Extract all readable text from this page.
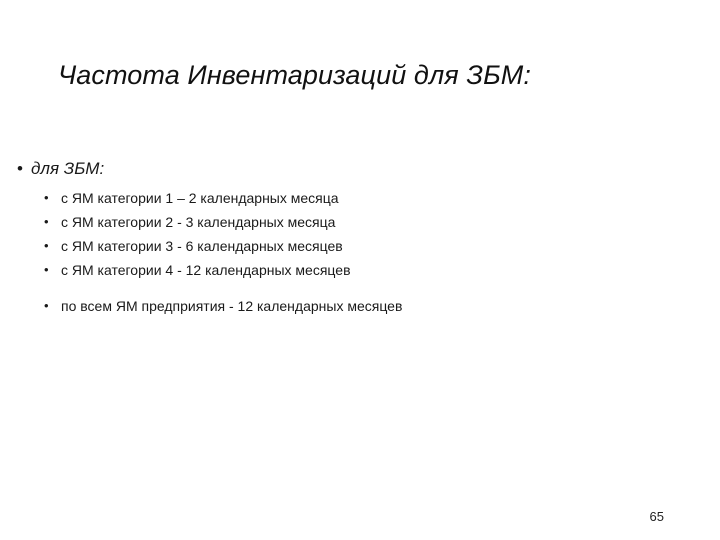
Частота Инвентаризаций для ЗБМ:
• для ЗБМ:
• с ЯМ категории 1 – 2 календарных месяца
• с ЯМ категории 2 - 3 календарных месяца
• с ЯМ категории 3 - 6 календарных месяцев
• с ЯМ категории 4 - 12 календарных месяцев
• по всем ЯМ предприятия - 12 календарных месяцев
65
